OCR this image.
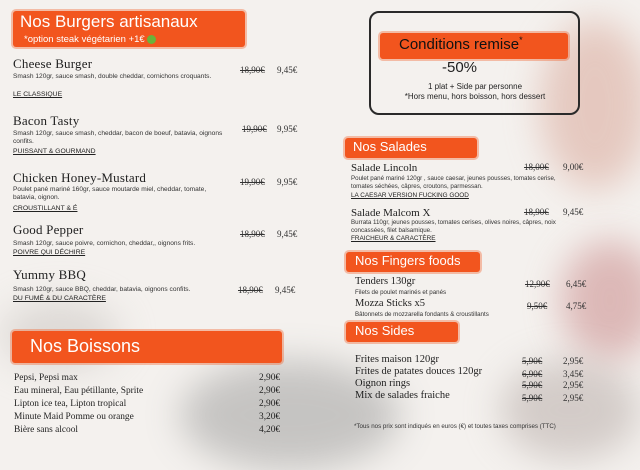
Nos Burgers artisanaux
*option steak végétarien +1€
Cheese Burger
Smash 120gr, sauce smash, double cheddar, cornichons croquants.
LE CLASSIQUE
18,90€ 9,45€
Bacon Tasty
Smash 120gr, sauce smash, cheddar, bacon de boeuf, batavia, oignons confits.
PUISSANT & GOURMAND
19,90€ 9,95€
Chicken Honey-Mustard
Poulet pané mariné 160gr, sauce moutarde miel, cheddar, tomate, batavia, oignon.
CROUSTILLANT & É
19,90€ 9,95€
Good Pepper
Smash 120gr, sauce poivre, cornichon, cheddar,, oignons frits.
POIVRE QUI DÉCHIRE
18,90€ 9,45€
Yummy BBQ
Smash 120gr, sauce BBQ, cheddar, batavia, oignons confits.
DU FUMÉ & DU CARACTÈRE
18,90€ 9,45€
Nos Boissons
Pepsi, Pepsi max	2,90€
Eau mineral, Eau pétillante, Sprite	2,90€
Lipton ice tea, Lipton tropical	2,90€
Minute Maid Pomme ou orange	3,20€
Bière sans alcool	4,20€
Conditions remise*
-50%
1 plat + Side par personne
*Hors menu, hors boisson, hors dessert
Nos Salades
Salade Lincoln
Poulet pané mariné 120gr , sauce caesar, jeunes pousses, tomates cerise, tomates séchées, câpres, croutons, parmessan.
LA CAESAR VERSION FUCKING GOOD
18,00€ 9,00€
Salade Malcom X
Burrata 110gr, jeunes pousses, tomates cerises, olives noires, câpres, noix concassées, filet balsamique.
FRAICHEUR & CARACTÈRE
18,90€ 9,45€
Nos Fingers foods
Tenders 130gr
Filets de poulet marinés et panés
12,90€ 6,45€
Mozza Sticks x5
Bâtonnets de mozzarella fondants & croustillants
9,50€ 4,75€
Nos Sides
Frites maison 120gr	5,90€ 2,95€
Frites de patates douces 120gr	6,90€ 3,45€
Oignon rings	5,90€ 2,95€
Mix de salades fraiche	5,90€ 2,95€
*Tous nos prix sont indiqués en euros (€) et toutes taxes comprises (TTC)
